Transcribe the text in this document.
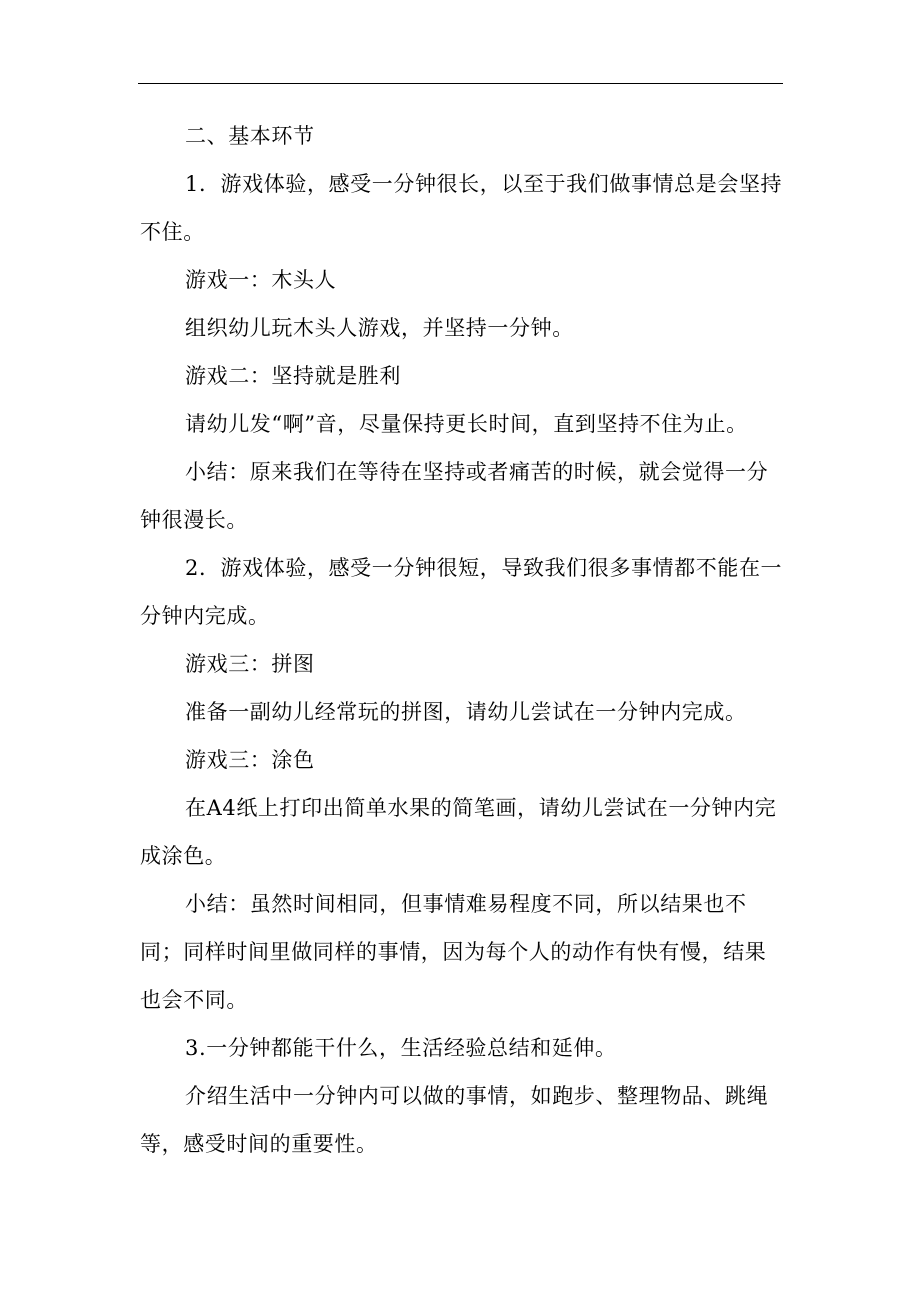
二、基本环节

1．游戏体验，感受一分钟很长，以至于我们做事情总是会坚持不住。

游戏一：木头人

组织幼儿玩木头人游戏，并坚持一分钟。

游戏二：坚持就是胜利

请幼儿发“啊”音，尽量保持更长时间，直到坚持不住为止。

小结：原来我们在等待在坚持或者痛苦的时候，就会觉得一分钟很漫长。

2．游戏体验，感受一分钟很短，导致我们很多事情都不能在一分钟内完成。

游戏三：拼图

准备一副幼儿经常玩的拼图，请幼儿尝试在一分钟内完成。

游戏三：涂色

在A4纸上打印出简单水果的简笔画，请幼儿尝试在一分钟内完成涂色。

小结：虽然时间相同，但事情难易程度不同，所以结果也不同；同样时间里做同样的事情，因为每个人的动作有快有慢，结果也会不同。

3.一分钟都能干什么，生活经验总结和延伸。

介绍生活中一分钟内可以做的事情，如跑步、整理物品、跳绳等，感受时间的重要性。
